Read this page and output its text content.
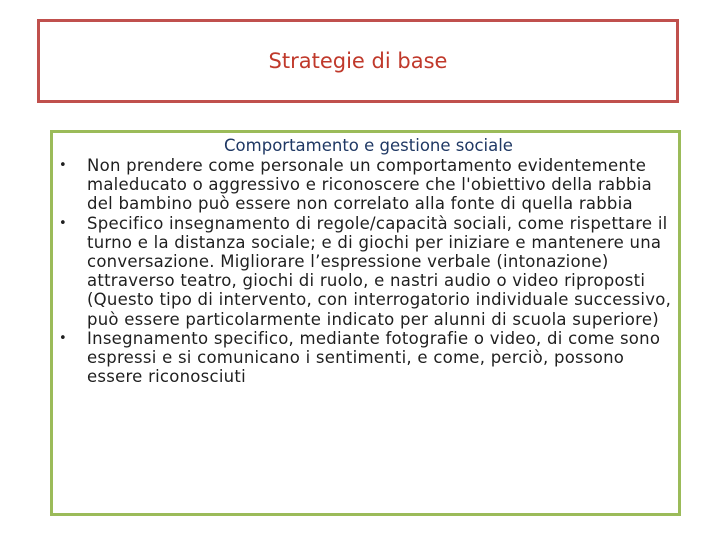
Strategie di base
Comportamento e gestione sociale
• Non prendere come personale un comportamento evidentemente maleducato o aggressivo e riconoscere che l'obiettivo della rabbia del bambino può essere non correlato alla fonte di quella rabbia
• Specifico insegnamento di regole/capacità sociali, come rispettare il turno e la distanza sociale; e di giochi per iniziare e mantenere una conversazione. Migliorare l’espressione verbale (intonazione) attraverso teatro, giochi di ruolo, e nastri audio o video riproposti (Questo tipo di intervento, con interrogatorio individuale successivo, può essere particolarmente indicato per alunni di scuola superiore)
• Insegnamento specifico, mediante fotografie o video, di come sono espressi e si comunicano i sentimenti, e come, perciò, possono essere riconosciuti
